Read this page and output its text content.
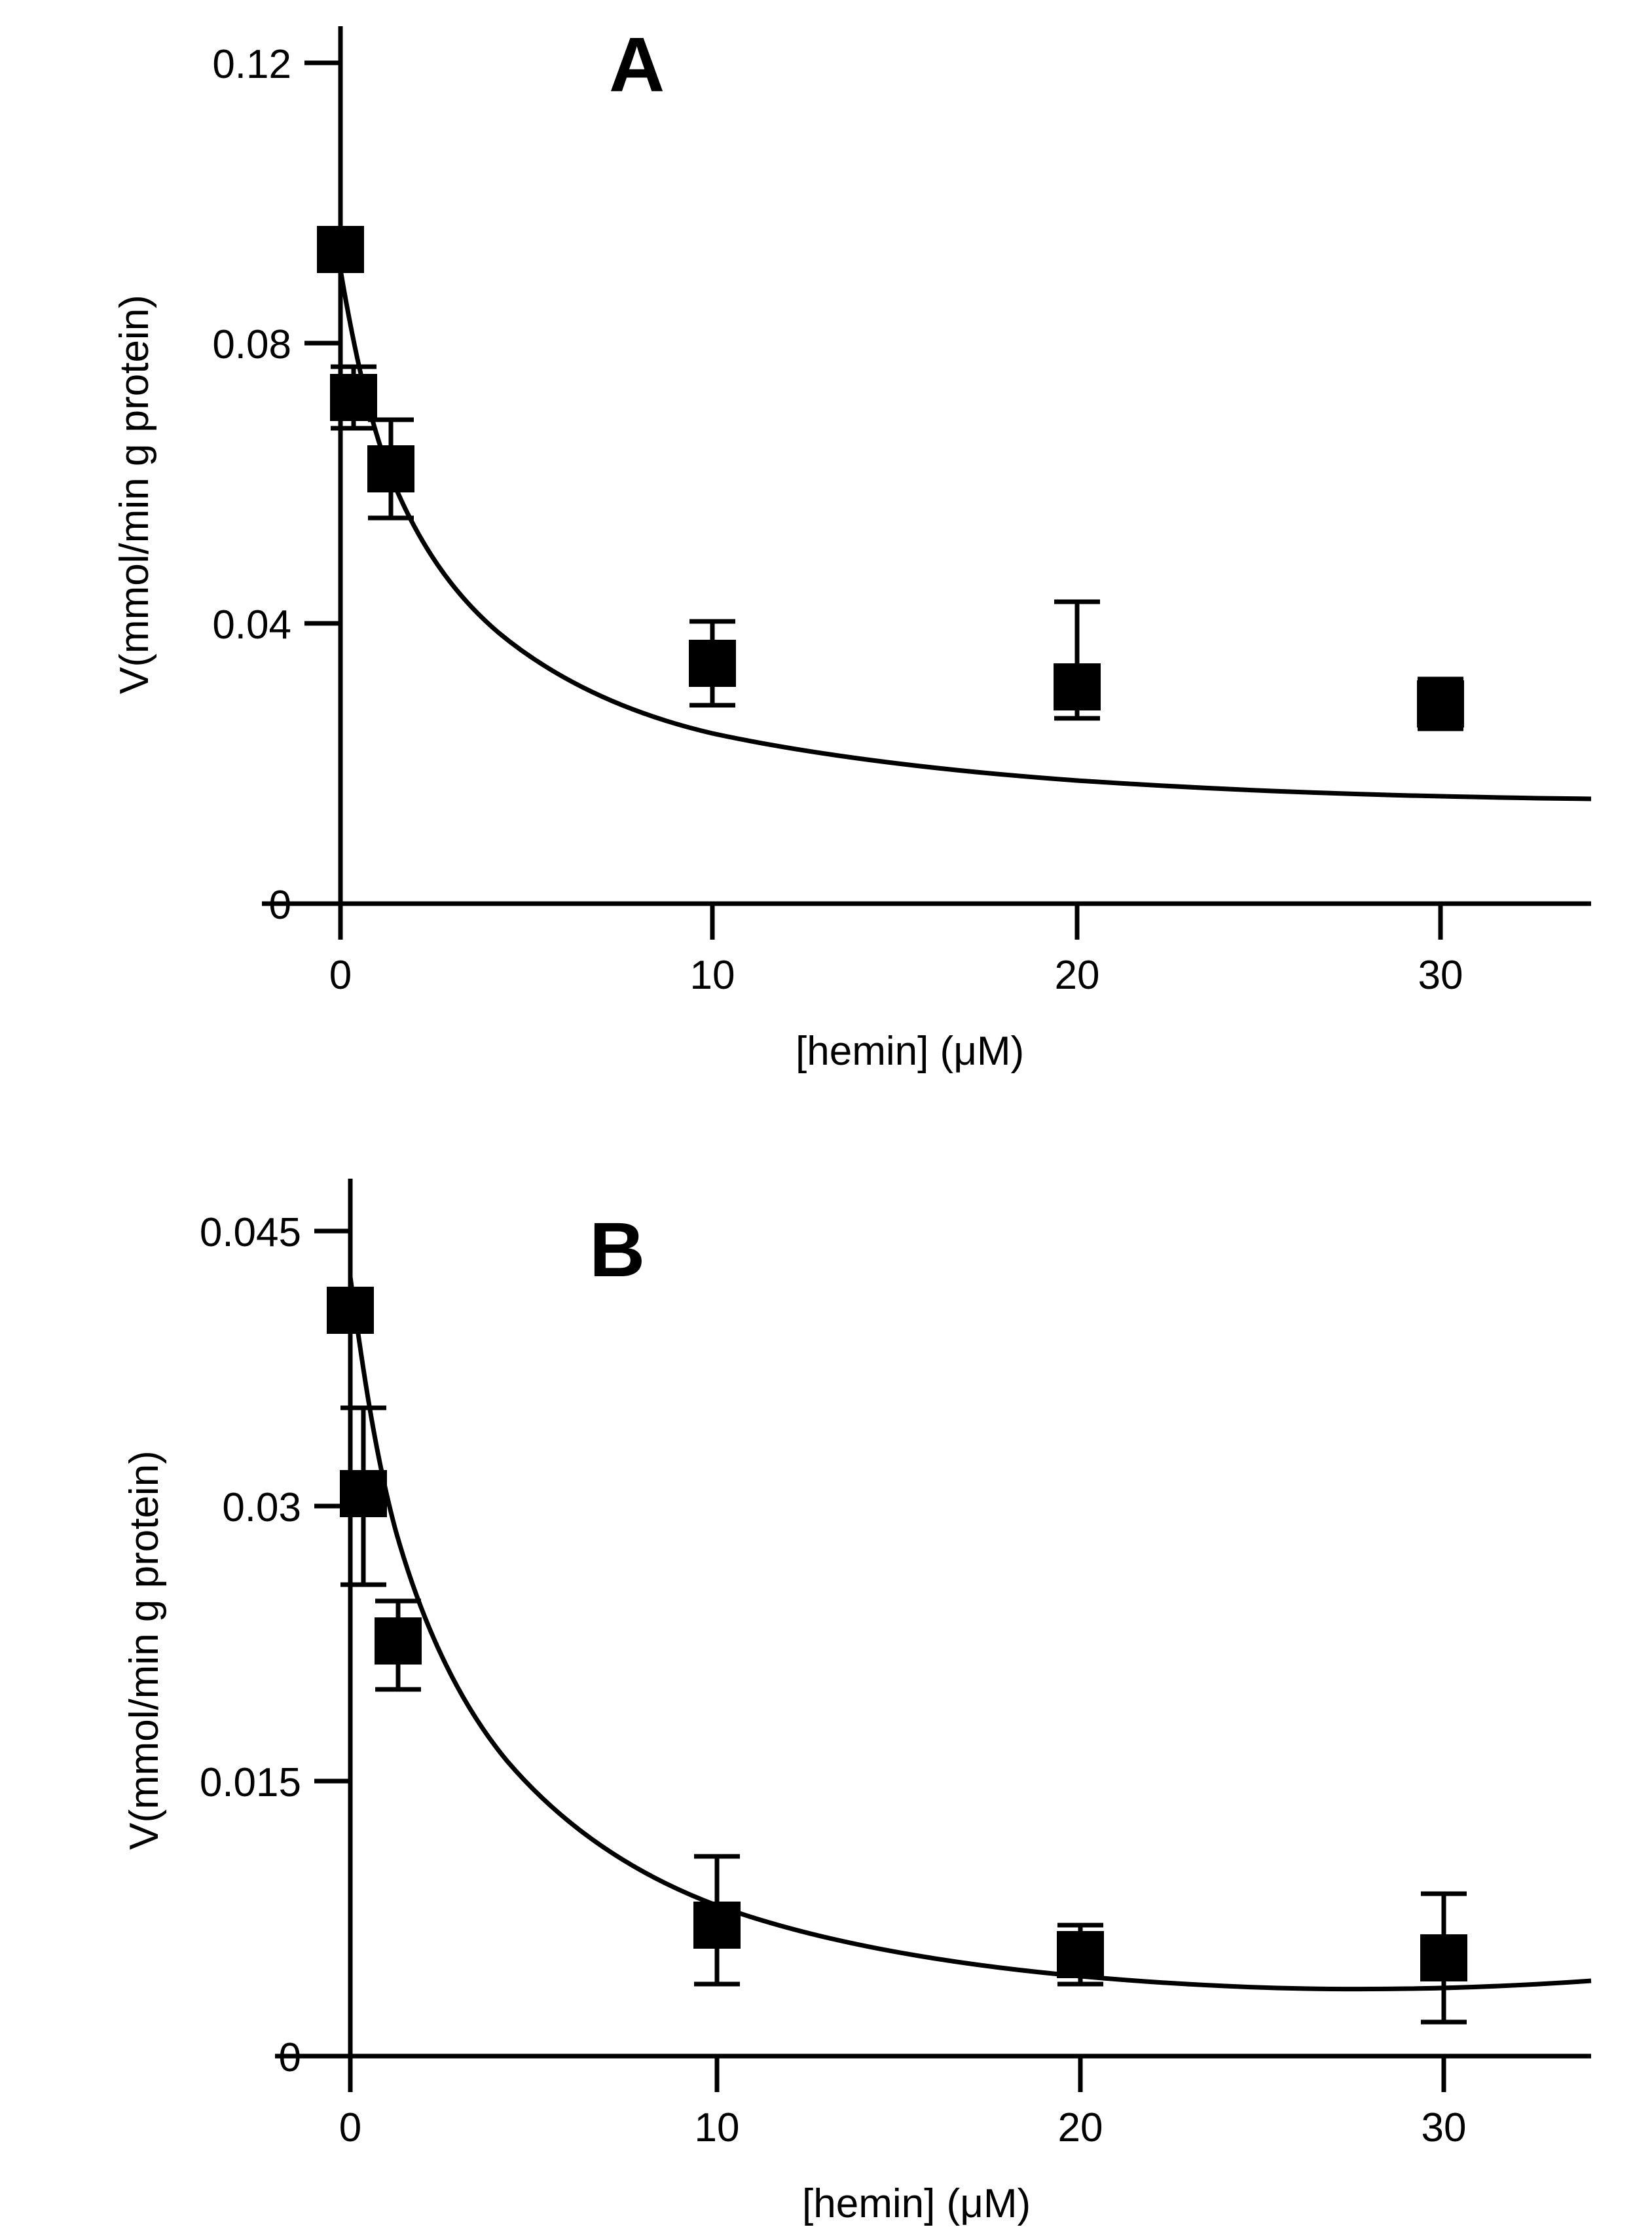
A
0
0.04
0.08
0.12
0	10	20	30
V(mmol/min g protein)
[hemin] (μM)
0
0.015
0.03
0.045
0	10	20	30
B
V(mmol/min g protein)
[hemin] (μM)
